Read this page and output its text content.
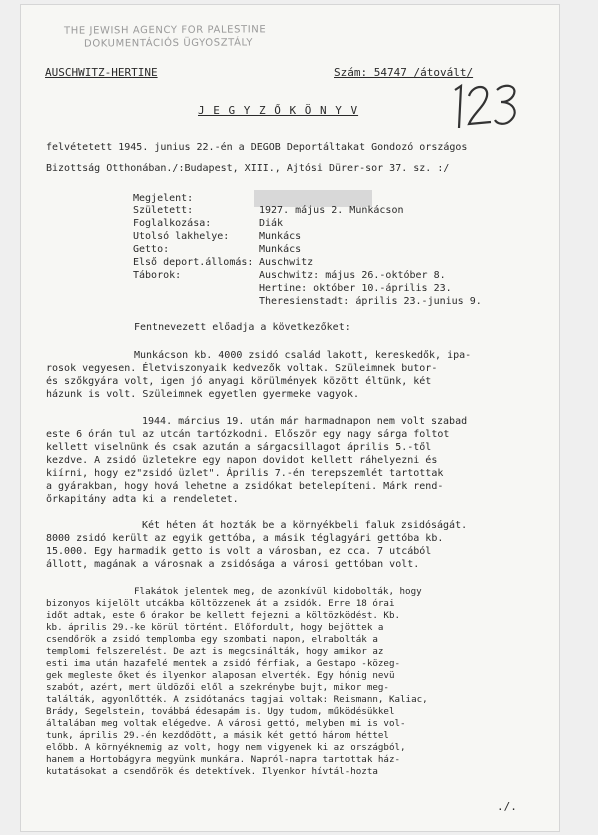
THE JEWISH AGENCY FOR PALESTINE
DOKUMENTÁCIÓS ÜGYOSZTÁLY
AUSCHWITZ-HERTINE	Szám: 54747 /átovált/
J E G Y Z Ő K Ö N Y V
felvétetett 1945. junius 22.-én a DEGOB Deportáltakat Gondozó országos
Bizottság Otthonában./:Budapest, XIII., Ajtósi Dürer-sor 37. sz. :/
Megjelent:
Született:	1927. május 2. Munkácson
Foglalkozása:	Diák
Utolsó lakhelye:	Munkács
Getto:	Munkács
Első deport.állomás: Auschwitz
Táborok:	Auschwitz: május 26.-október 8.
Hertine: október 10.-április 23.
Theresienstadt: április 23.-junius 9.
Fentnevezett előadja a következőket:
Munkácson kb. 4000 zsidó család lakott, kereskedők, ipa-
rosok vegyesen. Életviszonyaik kedvezők voltak. Szüleimnek butor-
és szőkgyára volt, igen jó anyagi körülmények között éltünk, két
házunk is volt. Szüleimnek egyetlen gyermeke vagyok.
1944. március 19. után már harmadnapon nem volt szabad
este 6 órán tul az utcán tartózkodni. Először egy nagy sárga foltot
kellett viselnünk és csak azután a sárgacsillagot április 5.-től
kezdve. A zsidó üzletekre egy napon dovidot kellett ráhelyezni és
kiírni, hogy ez"zsidó üzlet". Április 7.-én terepszemlét tartottak
a gyárakban, hogy hová lehetne a zsidókat betelepíteni. Márk rend-
őrkapitány adta ki a rendeletet.
Két héten át hozták be a környékbeli faluk zsidóságát.
8000 zsidó került az egyik gettóba, a másik téglagyári gettóba kb.
15.000. Egy harmadik getto is volt a városban, ez cca. 7 utcából
állott, magának a városnak a zsidósága a városi gettóban volt.
Flakátok jelentek meg, de azonkívül kidobolták, hogy
bizonyos kijelölt utcákba költözzenek át a zsidók. Erre 18 órai
időt adtak, este 6 órakor be kellett fejezni a költözködést. Kb.
kb. április 29.-ke körül történt. Előfordult, hogy bejöttek a
csendőrök a zsidó templomba egy szombati napon, elrabolták a
templomi felszerelést. De azt is megcsinálták, hogy amikor az
esti ima után hazafelé mentek a zsidó férfiak, a Gestapo -közeg-
gek megleste őket és ilyenkor alaposan elverték. Egy hónig nevü
szabót, azért, mert üldözői elől a szekrénybe bujt, mikor meg-
találták, agyonlőtték. A zsidótanács tagjai voltak: Reismann, Kaliac,
Brády, Segelstein, továbbá édesapám is. Ugy tudom, működésükkel
általában meg voltak elégedve. A városi gettó, melyben mi is vol-
tunk, április 29.-én kezdődött, a másik két gettó három héttel
előbb. A környéknemig az volt, hogy nem vigyenek ki az országból,
hanem a Hortobágyra megyünk munkára. Napról-napra tartottak ház-
kutatásokat a csendőrök és detektívek. Ilyenkor hívtál-hozta
./.
